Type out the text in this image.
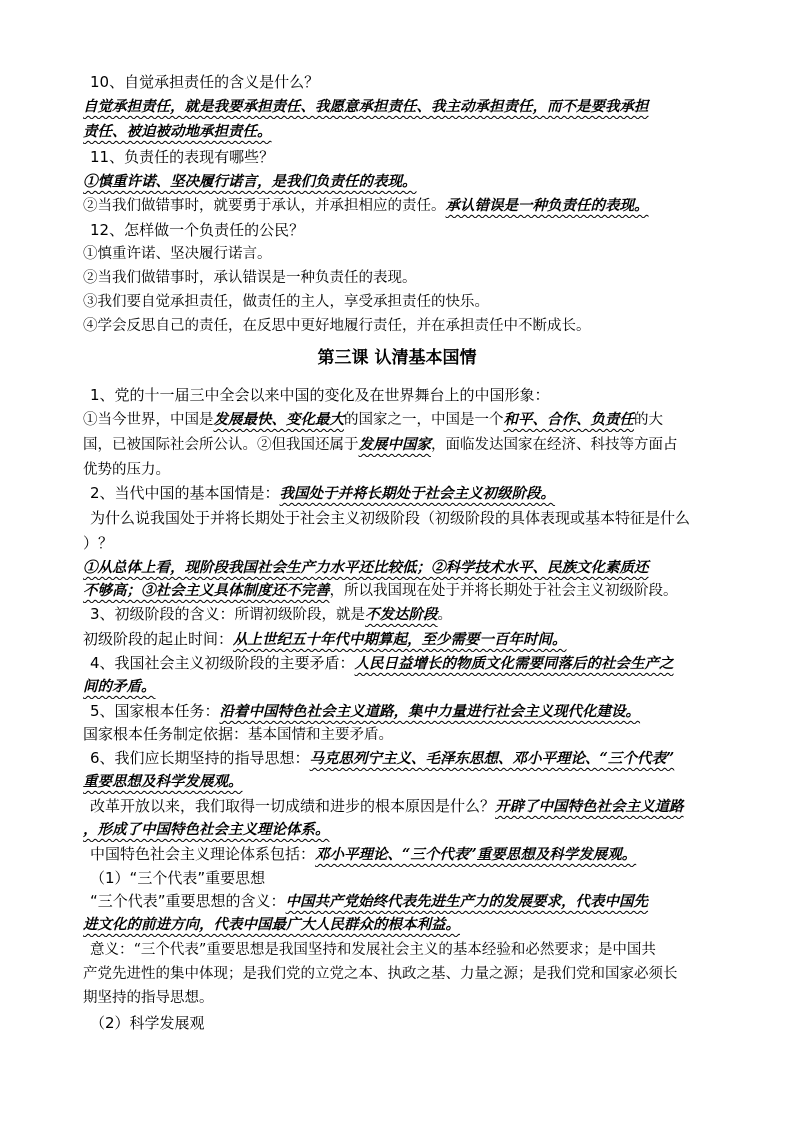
10、自觉承担责任的含义是什么？
自觉承担责任，就是我要承担责任、我愿意承担责任、我主动承担责任，而不是要我承担
责任、被迫被动地承担责任。
11、负责任的表现有哪些？
①慎重许诺、坚决履行诺言，是我们负责任的表现。
②当我们做错事时，就要勇于承认，并承担相应的责任。承认错误是一种负责任的表现。
12、怎样做一个负责任的公民？
①慎重许诺、坚决履行诺言。
②当我们做错事时，承认错误是一种负责任的表现。
③我们要自觉承担责任，做责任的主人，享受承担责任的快乐。
④学会反思自己的责任，在反思中更好地履行责任，并在承担责任中不断成长。
第三课 认清基本国情
1、党的十一届三中全会以来中国的变化及在世界舞台上的中国形象：
①当今世界，中国是发展最快、变化最大的国家之一，中国是一个和平、合作、负责任的大
国，已被国际社会所公认。②但我国还属于发展中国家，面临发达国家在经济、科技等方面占
优势的压力。
2、当代中国的基本国情是：我国处于并将长期处于社会主义初级阶段。
为什么说我国处于并将长期处于社会主义初级阶段（初级阶段的具体表现或基本特征是什么
）？
①从总体上看，现阶段我国社会生产力水平还比较低；②科学技术水平、民族文化素质还
不够高；③社会主义具体制度还不完善，所以我国现在处于并将长期处于社会主义初级阶段。
3、初级阶段的含义：所谓初级阶段，就是不发达阶段。
初级阶段的起止时间：从上世纪五十年代中期算起，至少需要一百年时间。
4、我国社会主义初级阶段的主要矛盾：人民日益增长的物质文化需要同落后的社会生产之
间的矛盾。
5、国家根本任务：沿着中国特色社会主义道路，集中力量进行社会主义现代化建设。
国家根本任务制定依据：基本国情和主要矛盾。
6、我们应长期坚持的指导思想：马克思列宁主义、毛泽东思想、邓小平理论、“三个代表”
重要思想及科学发展观。
改革开放以来，我们取得一切成绩和进步的根本原因是什么？开辟了中国特色社会主义道路
，形成了中国特色社会主义理论体系。
中国特色社会主义理论体系包括：邓小平理论、“三个代表”重要思想及科学发展观。
（1）“三个代表”重要思想
“三个代表”重要思想的含义：中国共产党始终代表先进生产力的发展要求，代表中国先
进文化的前进方向，代表中国最广大人民群众的根本利益。
意义：“三个代表”重要思想是我国坚持和发展社会主义的基本经验和必然要求；是中国共
产党先进性的集中体现；是我们党的立党之本、执政之基、力量之源；是我们党和国家必须长
期坚持的指导思想。
（2）科学发展观
